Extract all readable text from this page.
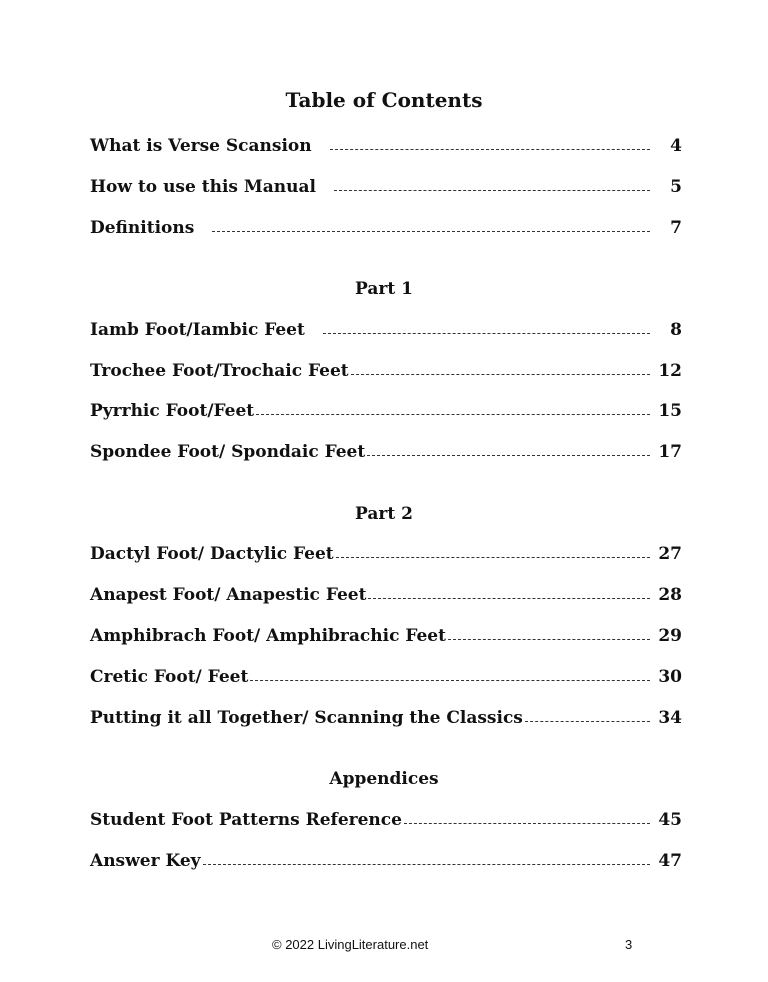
Table of Contents
What is Verse Scansion	4
How to use this Manual	5
Definitions	7
Part 1
Iamb Foot/Iambic Feet	8
Trochee Foot/Trochaic Feet	12
Pyrrhic Foot/Feet	15
Spondee Foot/ Spondaic Feet	17
Part 2
Dactyl Foot/ Dactylic Feet	27
Anapest Foot/ Anapestic Feet	28
Amphibrach Foot/ Amphibrachic Feet	29
Cretic Foot/ Feet	30
Putting it all Together/ Scanning the Classics	34
Appendices
Student Foot Patterns Reference	45
Answer Key	47
© 2022 LivingLiterature.net	3
